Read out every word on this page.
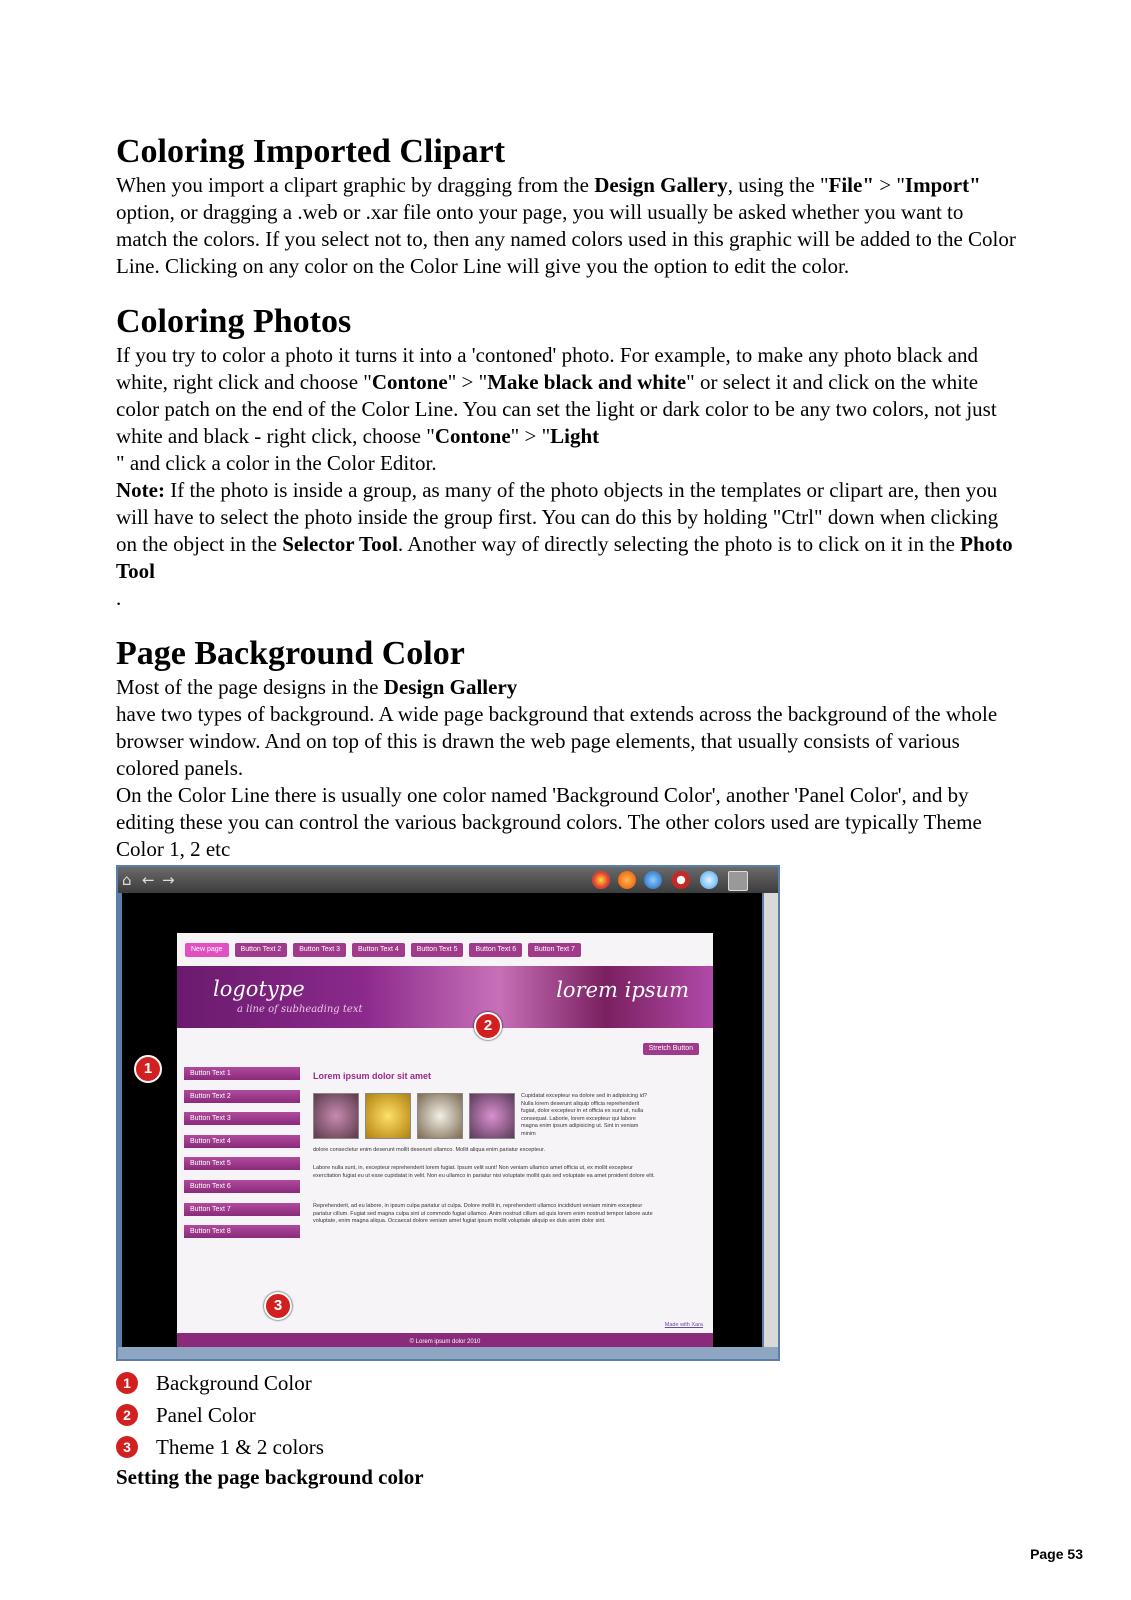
Coloring Imported Clipart

When you import a clipart graphic by dragging from the Design Gallery, using the "File" > "Import" option, or dragging a .web or .xar file onto your page, you will usually be asked whether you want to match the colors. If you select not to, then any named colors used in this graphic will be added to the Color Line. Clicking on any color on the Color Line will give you the option to edit the color.

Coloring Photos

If you try to color a photo it turns it into a 'contoned' photo. For example, to make any photo black and white, right click and choose "Contone" > "Make black and white" or select it and click on the white color patch on the end of the Color Line. You can set the light or dark color to be any two colors, not just white and black - right click, choose "Contone" > "Light

" and click a color in the Color Editor.

Note: If the photo is inside a group, as many of the photo objects in the templates or clipart are, then you will have to select the photo inside the group first. You can do this by holding "Ctrl" down when clicking on the object in the Selector Tool. Another way of directly selecting the photo is to click on it in the Photo Tool

.

Page Background Color

Most of the page designs in the Design Gallery

have two types of background. A wide page background that extends across the background of the whole browser window. And on top of this is drawn the web page elements, that usually consists of various colored panels.

On the Color Line there is usually one color named 'Background Color', another 'Panel Color', and by editing these you can control the various background colors. The other colors used are typically Theme Color 1, 2 etc

⌂ ← →
New page	Button Text 2	Button Text 3	Button Text 4	Button Text 5	Button Text 6	Button Text 7
logotype
a line of subheading text
lorem ipsum
Stretch Button
Button Text 1
Button Text 2
Button Text 3
Button Text 4
Button Text 5
Button Text 6
Button Text 7
Button Text 8
Lorem ipsum dolor sit amet
Cupidatat excepteur ea dolore sed in adipisicing id? Nulla lorem deserunt aliquip officia reprehenderit fugiat, dolor excepteur in et officia ex sunt ut, nulla consequat. Laborie, lorem excepteur qui labore magna enim ipsum adipisicing ut. Sint in veniam minim
dolore consectetur enim deserunt mollit deserunt ullamco. Mollit aliqua enim pariatur excepteur.
Labore nulla sunt, in, excepteur reprehenderit lorem fugiat. Ipsum velit sunt! Non veniam ullamco amet officia ut, ex mollit excepteur exercitation fugiat eu ut esse cupidatat in velit. Non eu ullamco in pariatur nisi voluptate mollit quis sed voluptate ea amet proident dolore elit.
Reprehenderit, ad eu labore, in ipsum culpa pariatur ut culpa. Dolore mollit in, reprehenderit ullamco incididunt veniam minim excepteur pariatur cillum. Fugiat sed magna culpa sint ut commodo fugiat ullamco. Anim nostrud cillum ad quis lorem enim nostrud tempor labore aute voluptate, enim magna aliqua. Occaecat dolore veniam amet fugiat ipsum mollit voluptate aliquip ex duis anim dolor sint.
Made with Xara
© Lorem ipsum dolor 2010
1
2
3
1	Background Color
2	Panel Color
3	Theme 1 & 2 colors
Setting the page background color
Page 53
